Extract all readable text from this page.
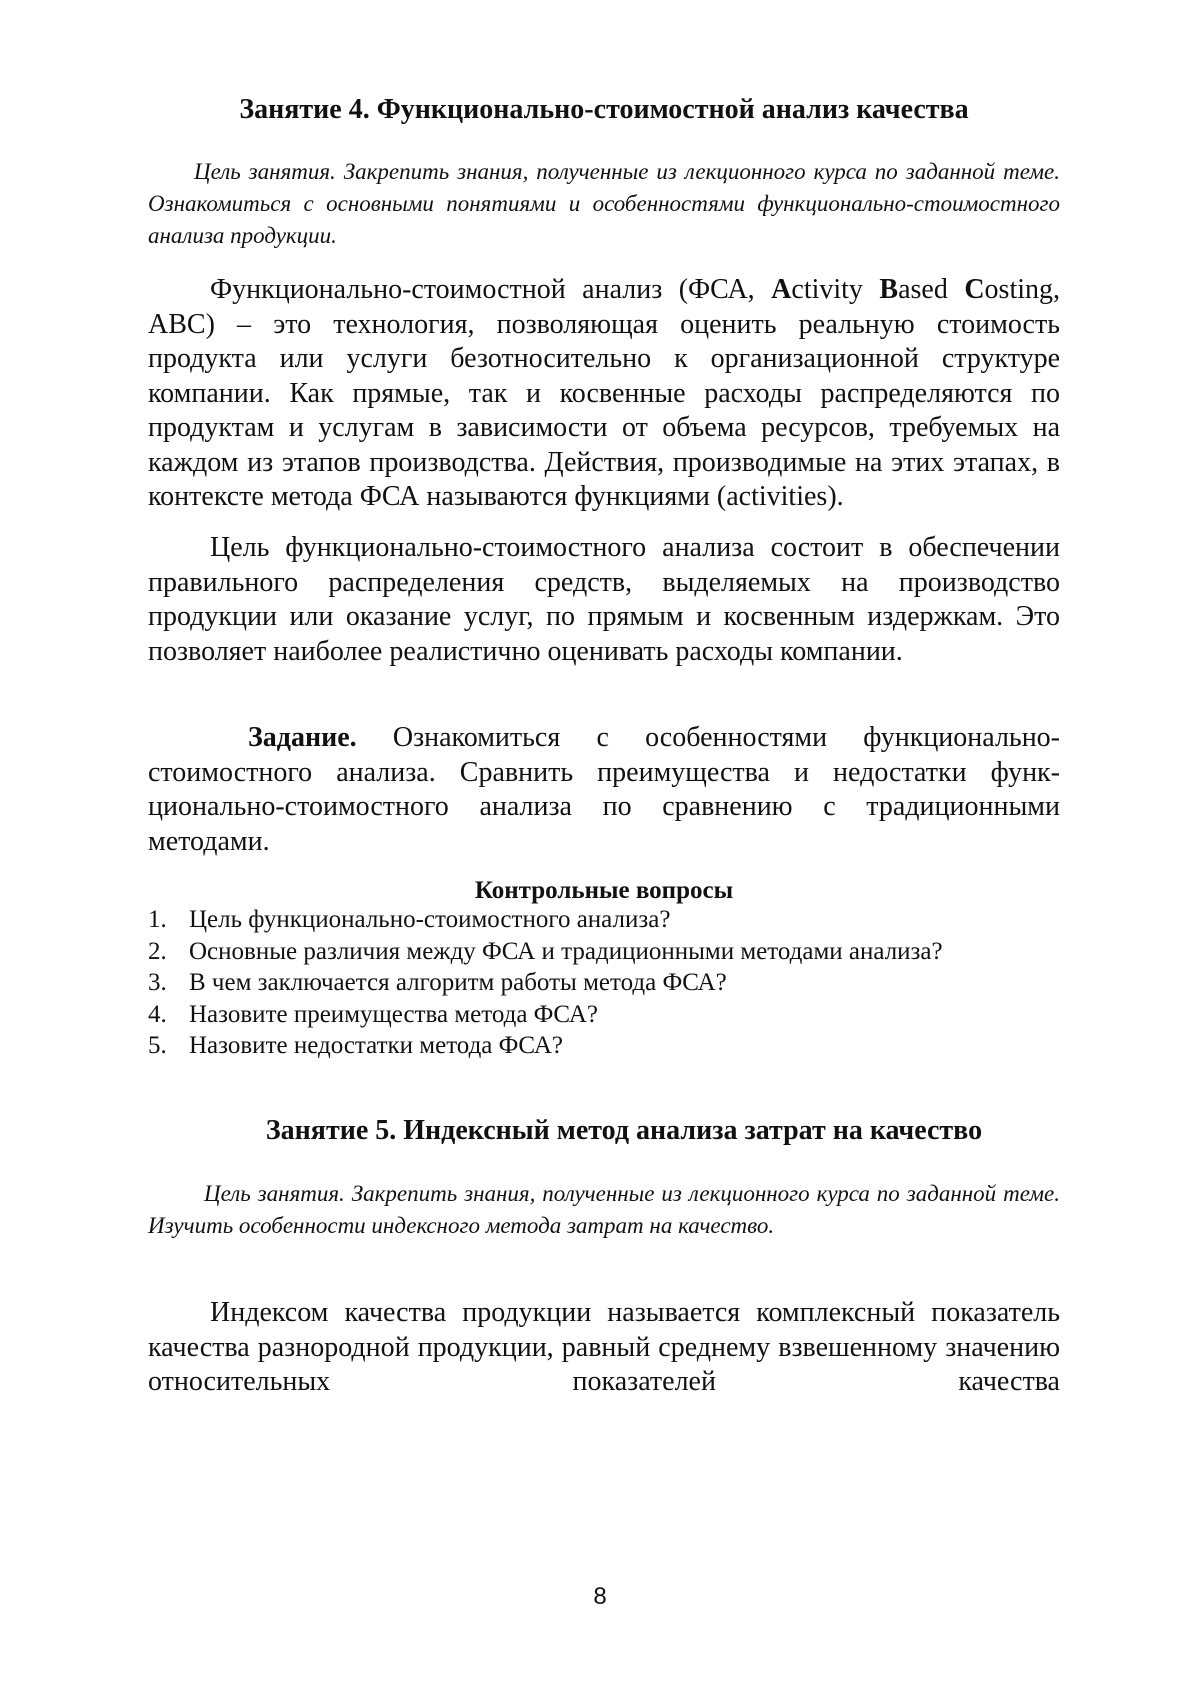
Занятие 4. Функционально-стоимостной анализ качества

Цель занятия. Закрепить знания, полученные из лекционного курса по заданной теме. Ознакомиться с основными понятиями и особенностями функционально-стоимостного анализа продукции.

Функционально-стоимостной анализ (ФСА, Activity Based Costing, ABC) – это технология, позволяющая оценить реальную стоимость продукта или услуги безотносительно к организационной структуре компании. Как прямые, так и косвенные расходы распределяются по продуктам и услугам в зависимости от объема ресурсов, требуемых на каждом из этапов производства. Действия, производимые на этих этапах, в контексте метода ФСА называются функциями (activities).

Цель функционально-стоимостного анализа состоит в обеспечении правильного распределения средств, выделяемых на производство продукции или оказание услуг, по прямым и косвенным издержкам. Это позволяет наиболее реалистично оценивать расходы компании.

Задание. Ознакомиться с особенностями функционально-стоимостного анализа. Сравнить преимущества и недостатки функционально-стоимостного анализа по сравнению с традиционными методами.

Контрольные вопросы
1. Цель функционально-стоимостного анализа?
2. Основные различия между ФСА и традиционными методами анализа?
3. В чем заключается алгоритм работы метода ФСА?
4. Назовите преимущества метода ФСА?
5. Назовите недостатки метода ФСА?
Занятие 5. Индексный метод анализа затрат на качество

Цель занятия. Закрепить знания, полученные из лекционного курса по заданной теме. Изучить особенности индексного метода затрат на качество.

Индексом качества продукции называется комплексный показатель качества разнородной продукции, равный среднему взвешенному значению относительных показателей качества

8
